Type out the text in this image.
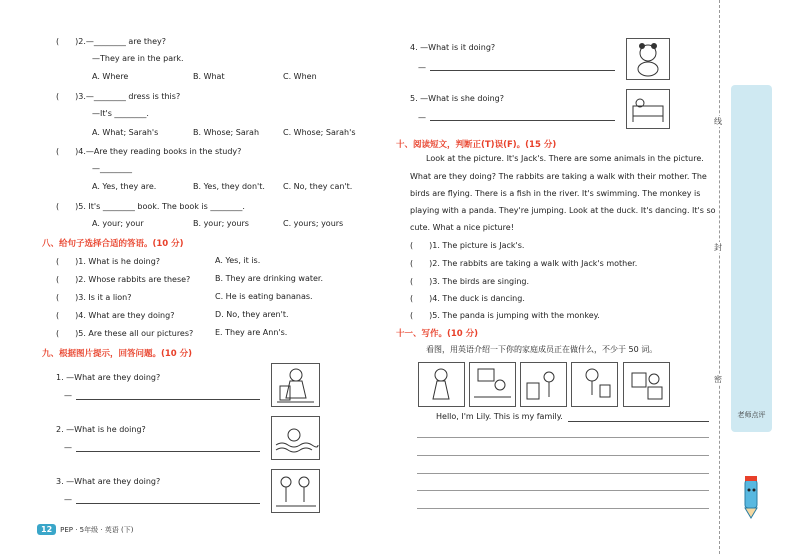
(　　)2.—________ are they?
—They are in the park.
A. Where	B. What	C. When
(　　)3.—________ dress is this?
—It's ________.
A. What; Sarah's	B. Whose; Sarah	C. Whose; Sarah's
(　　)4.—Are they reading books in the study?
—________
A. Yes, they are.	B. Yes, they don't. C. No, they can't.
(　　)5. It's ________ book. The book is ________.
A. your; your	B. your; yours	C. yours; yours
八、给句子选择合适的答语。(10 分)
(　　)1. What is he doing?	A. Yes, it is.
(　　)2. Whose rabbits are these?	B. They are drinking water.
(　　)3. Is it a lion?	C. He is eating bananas.
(　　)4. What are they doing?	D. No, they aren't.
(　　)5. Are these all our pictures?	E. They are Ann's.
九、根据图片提示，回答问题。(10 分)
1. —What are they doing?
—
2. —What is he doing?
—
3. —What are they doing?
—
12 PEP · 5年级 · 英语 (下)
4. —What is it doing?
—
5. —What is she doing?
—
十、阅读短文，判断正(T)误(F)。(15 分)
Look at the picture. It's Jack's. There are some animals in the picture.
What are they doing? The rabbits are taking a walk with their mother. The
birds are flying. There is a fish in the river. It's swimming. The monkey is
playing with a panda. They're jumping. Look at the duck. It's dancing. It's so
cute. What a nice picture!
(　　)1. The picture is Jack's.
(　　)2. The rabbits are taking a walk with Jack's mother.
(　　)3. The birds are singing.
(　　)4. The duck is dancing.
(　　)5. The panda is jumping with the monkey.
十一、写作。(10 分)
看图，用英语介绍一下你的家庭成员正在做什么，不少于 50 词。
Hello, I'm Lily. This is my family.
线
封
密
老师点评
